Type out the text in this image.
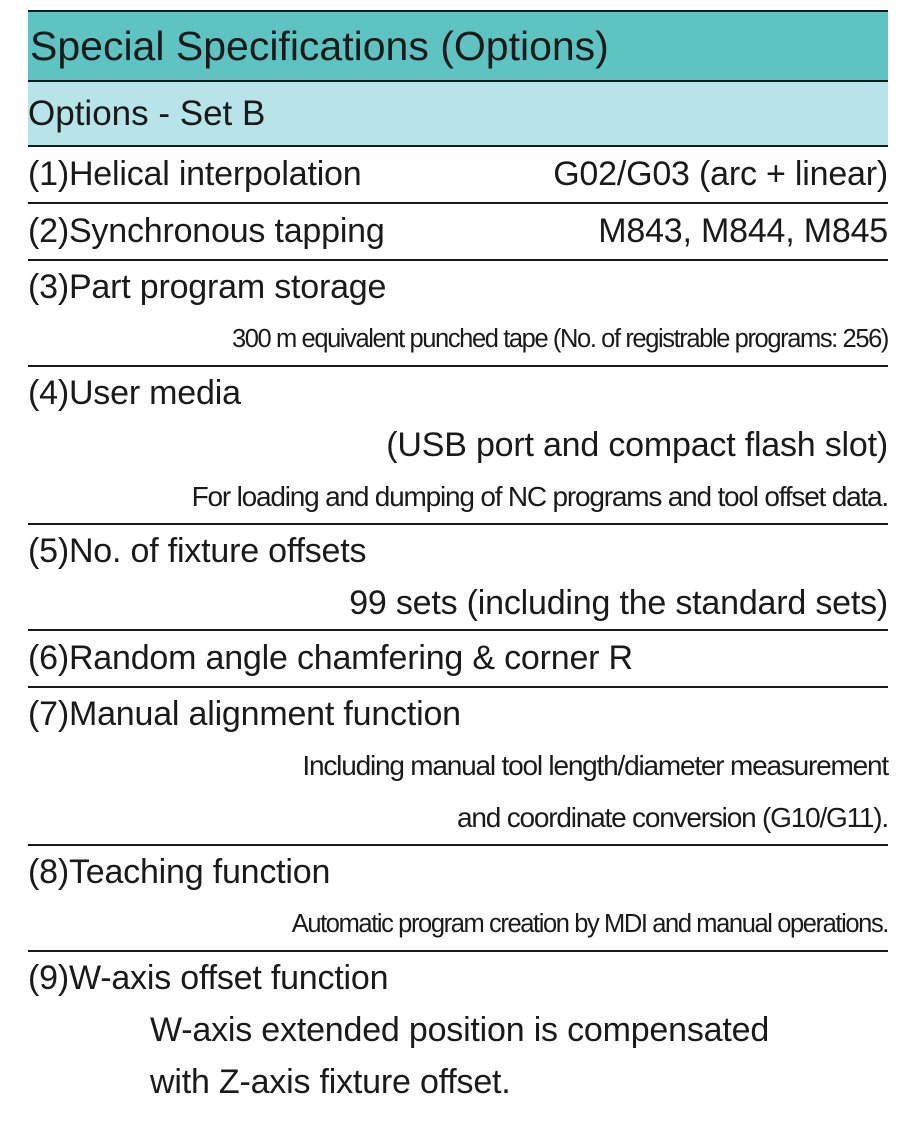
Special Specifications (Options)
Options - Set B
(1)Helical interpolation	G02/G03 (arc + linear)
(2)Synchronous tapping	M843, M844, M845
(3)Part program storage
300 m equivalent punched tape (No. of registrable programs: 256)
(4)User media
(USB port and compact flash slot)
For loading and dumping of NC programs and tool offset data.
(5)No. of fixture offsets
99 sets (including the standard sets)
(6)Random angle chamfering & corner R
(7)Manual alignment function
Including manual tool length/diameter measurement
and coordinate conversion (G10/G11).
(8)Teaching function
Automatic program creation by MDI and manual operations.
(9)W-axis offset function
W-axis extended position is compensated
with Z-axis fixture offset.
